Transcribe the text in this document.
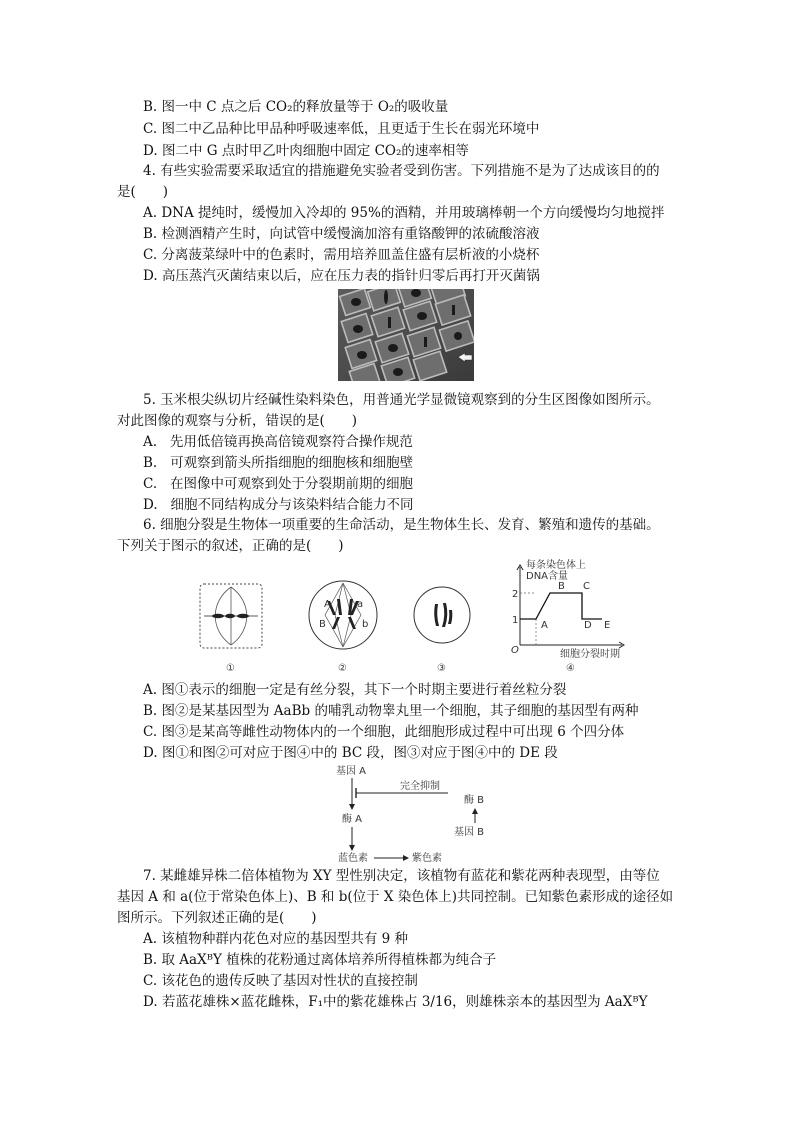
B. 图一中 C 点之后 CO₂的释放量等于 O₂的吸收量
C. 图二中乙品种比甲品种呼吸速率低，且更适于生长在弱光环境中
D. 图二中 G 点时甲乙叶肉细胞中固定 CO₂的速率相等
4. 有些实验需要采取适宜的措施避免实验者受到伤害。下列措施不是为了达成该目的的
是(　　)
A. DNA 提纯时，缓慢加入冷却的 95%的酒精，并用玻璃棒朝一个方向缓慢均匀地搅拌
B. 检测酒精产生时，向试管中缓慢滴加溶有重铬酸钾的浓硫酸溶液
C. 分离菠菜绿叶中的色素时，需用培养皿盖住盛有层析液的小烧杯
D. 高压蒸汽灭菌结束以后，应在压力表的指针归零后再打开灭菌锅
5. 玉米根尖纵切片经碱性染料染色，用普通光学显微镜观察到的分生区图像如图所示。
对此图像的观察与分析，错误的是(　　)
A. 先用低倍镜再换高倍镜观察符合操作规范
B. 可观察到箭头所指细胞的细胞核和细胞壁
C. 在图像中可观察到处于分裂期前期的细胞
D. 细胞不同结构成分与该染料结合能力不同
6. 细胞分裂是生物体一项重要的生命活动，是生物体生长、发育、繁殖和遗传的基础。
下列关于图示的叙述，正确的是(　　)
①
A	a
B	b
②	③
每条染色体上
DNA含量
1
2
O
A
B C
D E
细胞分裂时期
④
A. 图①表示的细胞一定是有丝分裂，其下一个时期主要进行着丝粒分裂
B. 图②是某基因型为 AaBb 的哺乳动物睾丸里一个细胞，其子细胞的基因型有两种
C. 图③是某高等雌性动物体内的一个细胞，此细胞形成过程中可出现 6 个四分体
D. 图①和图②可对应于图④中的 BC 段，图③对应于图④中的 DE 段
基因 A
酶 A
完全抑制
酶 B
基因 B
蓝色素	紫色素
7. 某雌雄异株二倍体植物为 XY 型性别决定，该植物有蓝花和紫花两种表现型，由等位
基因 A 和 a(位于常染色体上)、B 和 b(位于 X 染色体上)共同控制。已知紫色素形成的途径如
图所示。下列叙述正确的是(　　)
A. 该植物种群内花色对应的基因型共有 9 种
B. 取 AaXᴮY 植株的花粉通过离体培养所得植株都为纯合子
C. 该花色的遗传反映了基因对性状的直接控制
D. 若蓝花雄株×蓝花雌株，F₁中的紫花雄株占 3/16，则雄株亲本的基因型为 AaXᴮY
